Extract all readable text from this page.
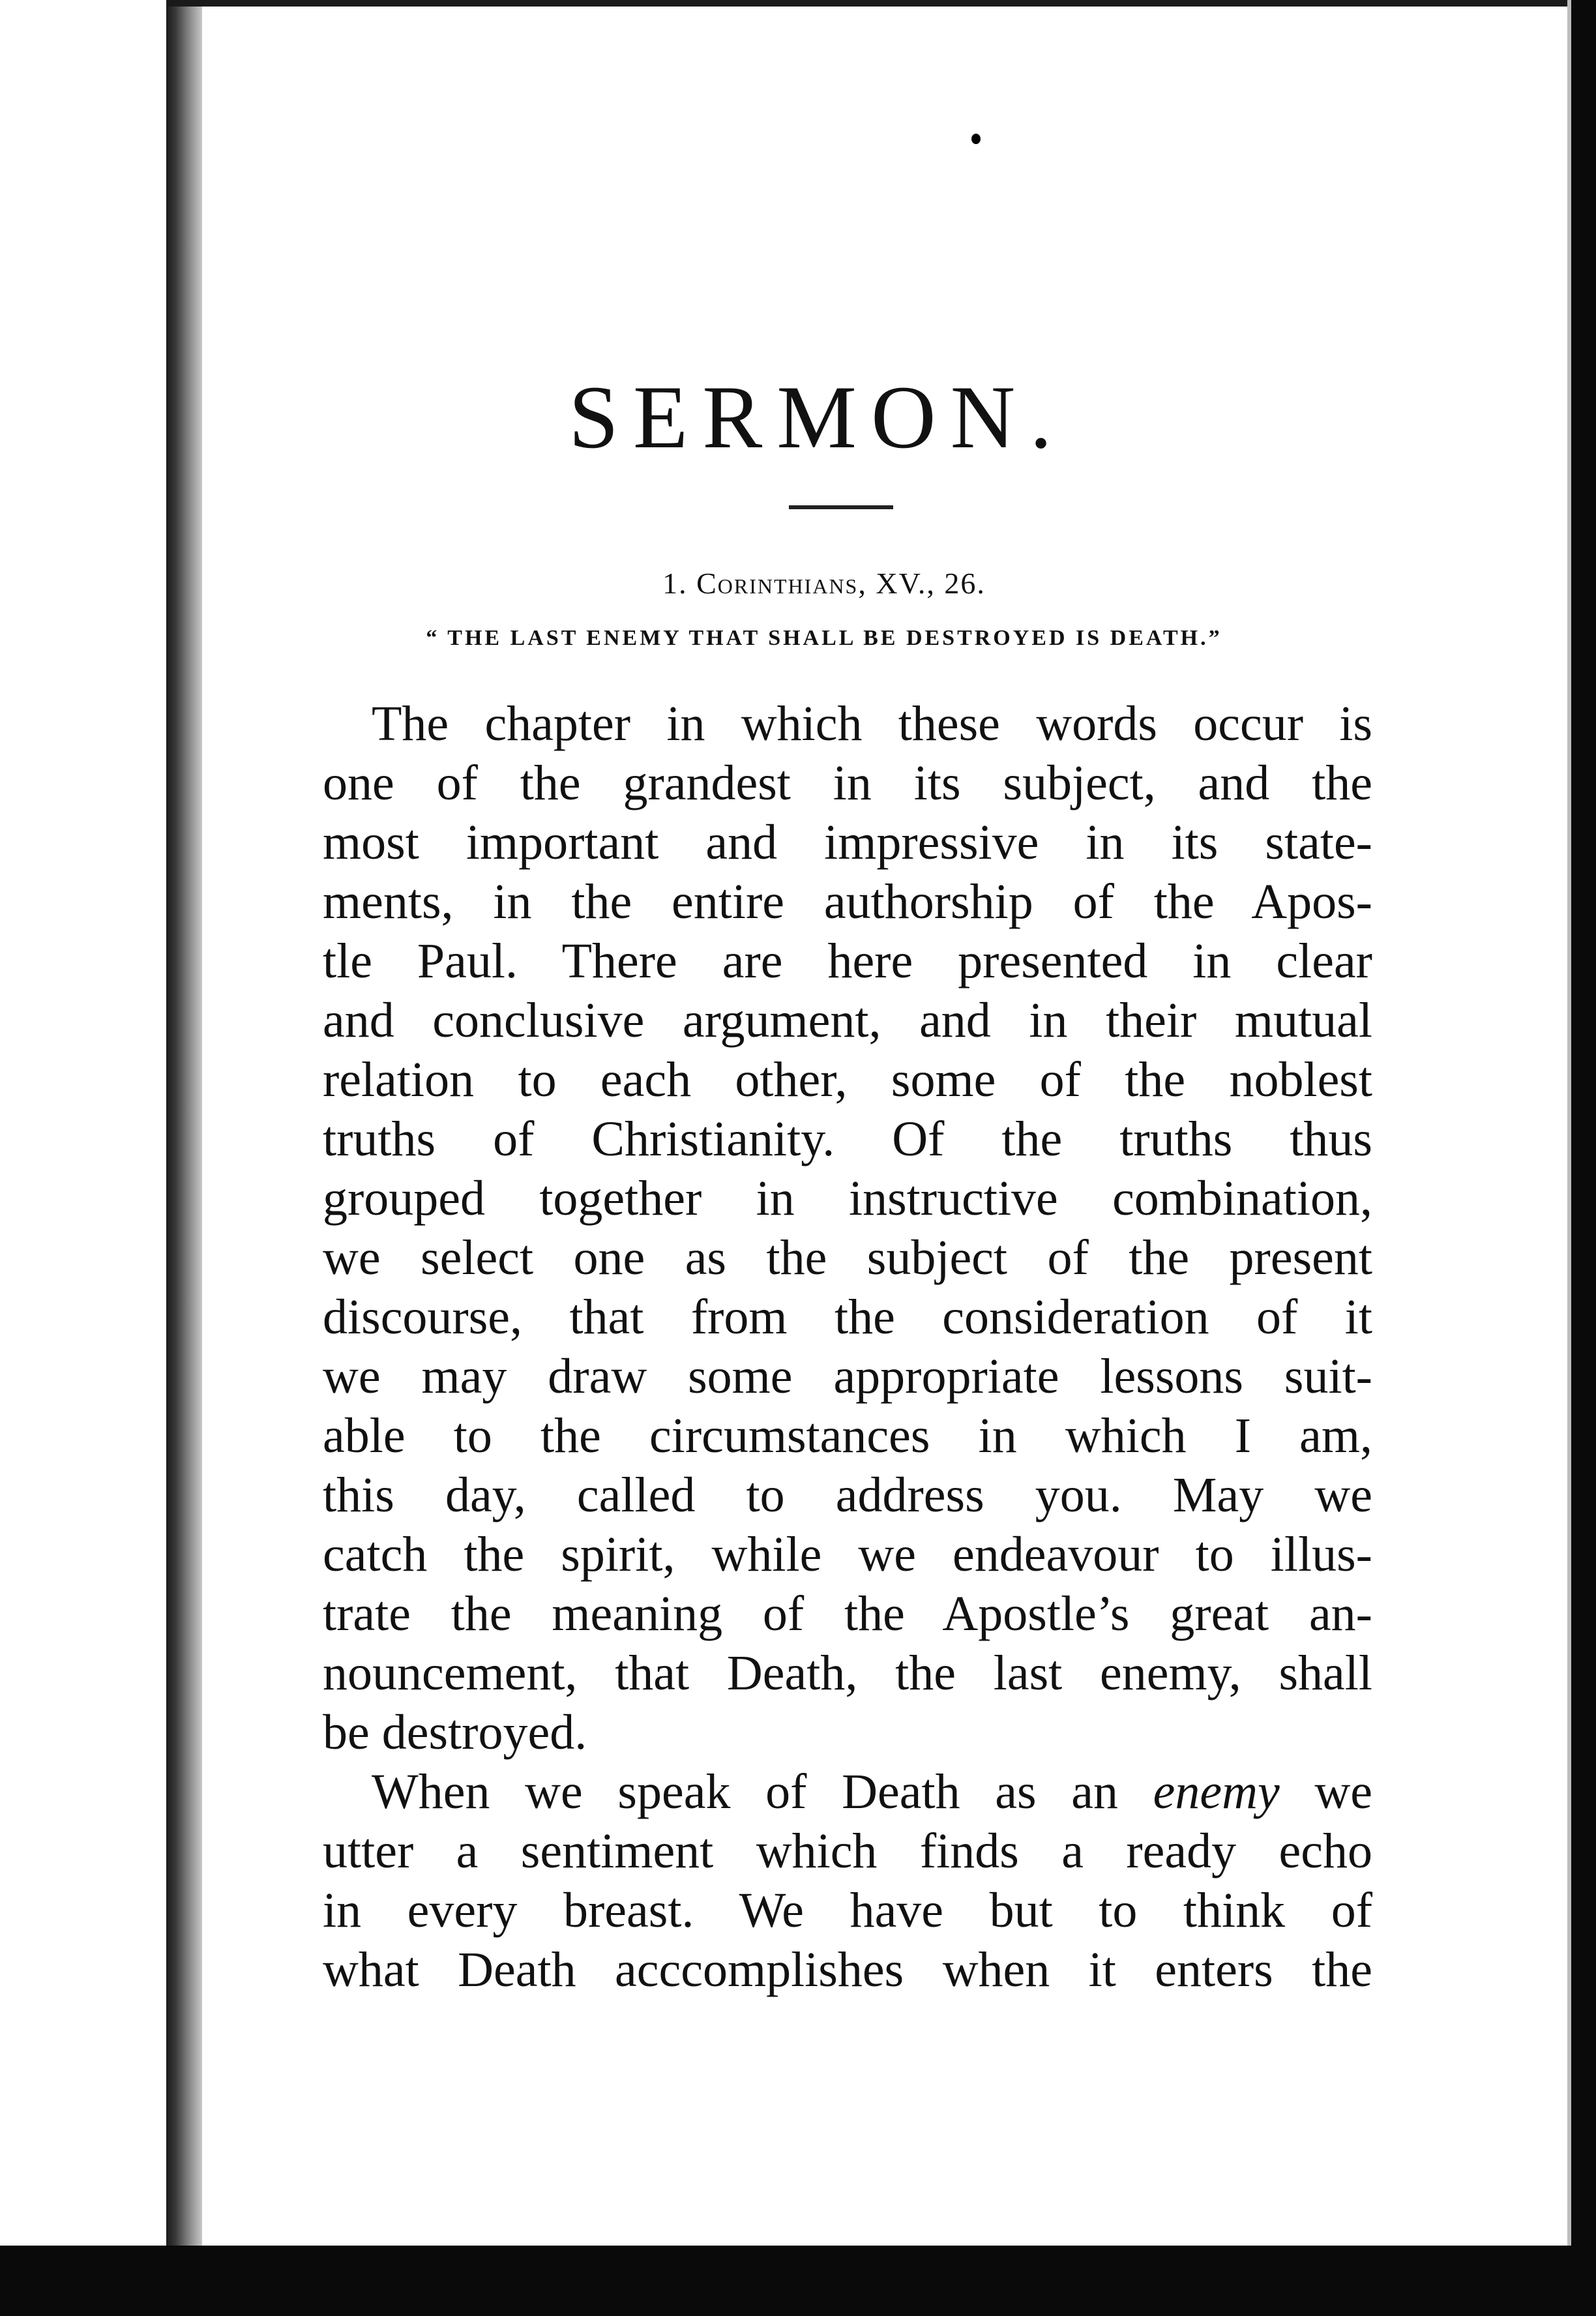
SERMON.
1. Corinthians, XV., 26.
“ THE LAST ENEMY THAT SHALL BE DESTROYED IS DEATH.”

The chapter in which these words occur is
one of the grandest in its subject, and the
most important and impressive in its state-
ments, in the entire authorship of the Apos-
tle Paul. There are here presented in clear
and conclusive argument, and in their mutual
relation to each other, some of the noblest
truths of Christianity. Of the truths thus
grouped together in instructive combination,
we select one as the subject of the present
discourse, that from the consideration of it
we may draw some appropriate lessons suit-
able to the circumstances in which I am,
this day, called to address you. May we
catch the spirit, while we endeavour to illus-
trate the meaning of the Apostle’s great an-
nouncement, that Death, the last enemy, shall
be destroyed.

When we speak of Death as an enemy we
utter a sentiment which finds a ready echo
in every breast. We have but to think of
what Death acccomplishes when it enters the
